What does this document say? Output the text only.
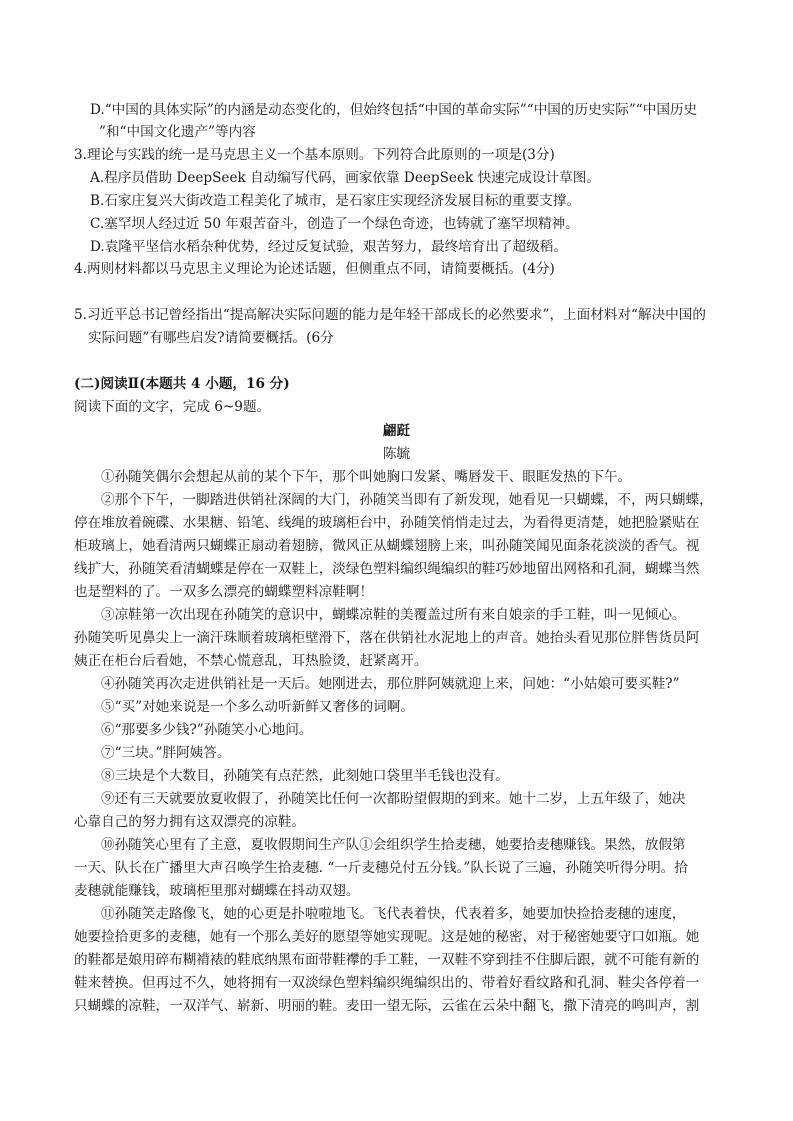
D.“中国的具体实际”的内涵是动态变化的，但始终包括“中国的革命实际”“中国的历史实际”“中国历史
”和“中国文化遗产”等内容
3.理论与实践的统一是马克思主义一个基本原则。下列符合此原则的一项是(3分)
A.程序员借助 DeepSeek 自动编写代码，画家依靠 DeepSeek 快速完成设计草图。
B.石家庄复兴大街改造工程美化了城市，是石家庄实现经济发展目标的重要支撑。
C.塞罕坝人经过近 50 年艰苦奋斗，创造了一个绿色奇迹，也铸就了塞罕坝精神。
D.袁隆平坚信水稻杂种优势，经过反复试验，艰苦努力，最终培育出了超级稻。
4.两则材料都以马克思主义理论为论述话题，但侧重点不同，请简要概括。(4分)
5.习近平总书记曾经指出“提高解决实际问题的能力是年轻干部成长的必然要求”，上面材料对“解决中国的
实际问题”有哪些启发?请简要概括。(6分
(二)阅读Ⅱ(本题共 4 小题，16 分)
阅读下面的文字，完成 6~9题。
翩跹
陈毓
①孙随笑偶尔会想起从前的某个下午，那个叫她胸口发紧、嘴唇发干、眼眶发热的下午。
②那个下午，一脚踏进供销社深阔的大门，孙随笑当即有了新发现，她看见一只蝴蝶，不，两只蝴蝶，
停在堆放着碗碟、水果糖、铅笔、线绳的玻璃柜台中，孙随笑悄悄走过去，为看得更清楚，她把脸紧贴在
柜玻璃上，她看清两只蝴蝶正扇动着翅膀，微风正从蝴蝶翅膀上来，叫孙随笑闻见面条花淡淡的香气。视
线扩大，孙随笑看清蝴蝶是停在一双鞋上，淡绿色塑料编织绳编织的鞋巧妙地留出网格和孔洞，蝴蝶当然
也是塑料的了。一双多么漂亮的蝴蝶塑料凉鞋啊！
③凉鞋第一次出现在孙随笑的意识中，蝴蝶凉鞋的美覆盖过所有来自娘亲的手工鞋，叫一见倾心。
孙随笑听见鼻尖上一滴汗珠顺着玻璃柜壁滑下，落在供销社水泥地上的声音。她抬头看见那位胖售货员阿
姨正在柜台后看她，不禁心慌意乱，耳热脸烫，赶紧离开。
④孙随笑再次走进供销社是一天后。她刚进去，那位胖阿姨就迎上来，问她：“小姑娘可要买鞋?”
⑤“买”对她来说是一个多么动听新鲜又奢侈的词啊。
⑥“那要多少钱?”孙随笑小心地问。
⑦“三块。”胖阿姨答。
⑧三块是个大数目，孙随笑有点茫然，此刻她口袋里半毛钱也没有。
⑨还有三天就要放夏收假了，孙随笑比任何一次都盼望假期的到来。她十二岁，上五年级了，她决
心靠自己的努力拥有这双漂亮的凉鞋。
⑩孙随笑心里有了主意，夏收假期间生产队①会组织学生拾麦穗，她要拾麦穗赚钱。果然，放假第
一天、队长在广播里大声召唤学生拾麦穗. “一斤麦穗兑付五分钱。”队长说了三遍，孙随笑听得分明。拾
麦穗就能赚钱，玻璃柜里那对蝴蝶在抖动双翅。
⑪孙随笑走路像飞，她的心更是扑啦啦地飞。飞代表着快，代表着多，她要加快捡拾麦穗的速度，
她要捡拾更多的麦穗，她有一个那么美好的愿望等她实现呢。这是她的秘密，对于秘密她要守口如瓶。她
的鞋都是娘用碎布糊褙裱的鞋底纳黑布面带鞋襻的手工鞋，一双鞋不穿到挂不住脚后跟，就不可能有新的
鞋来替换。但再过不久，她将拥有一双淡绿色塑料编织绳编织出的、带着好看纹路和孔洞、鞋尖各停着一
只蝴蝶的凉鞋，一双洋气、崭新、明丽的鞋。麦田一望无际，云雀在云朵中翻飞，撒下清亮的鸣叫声，割
